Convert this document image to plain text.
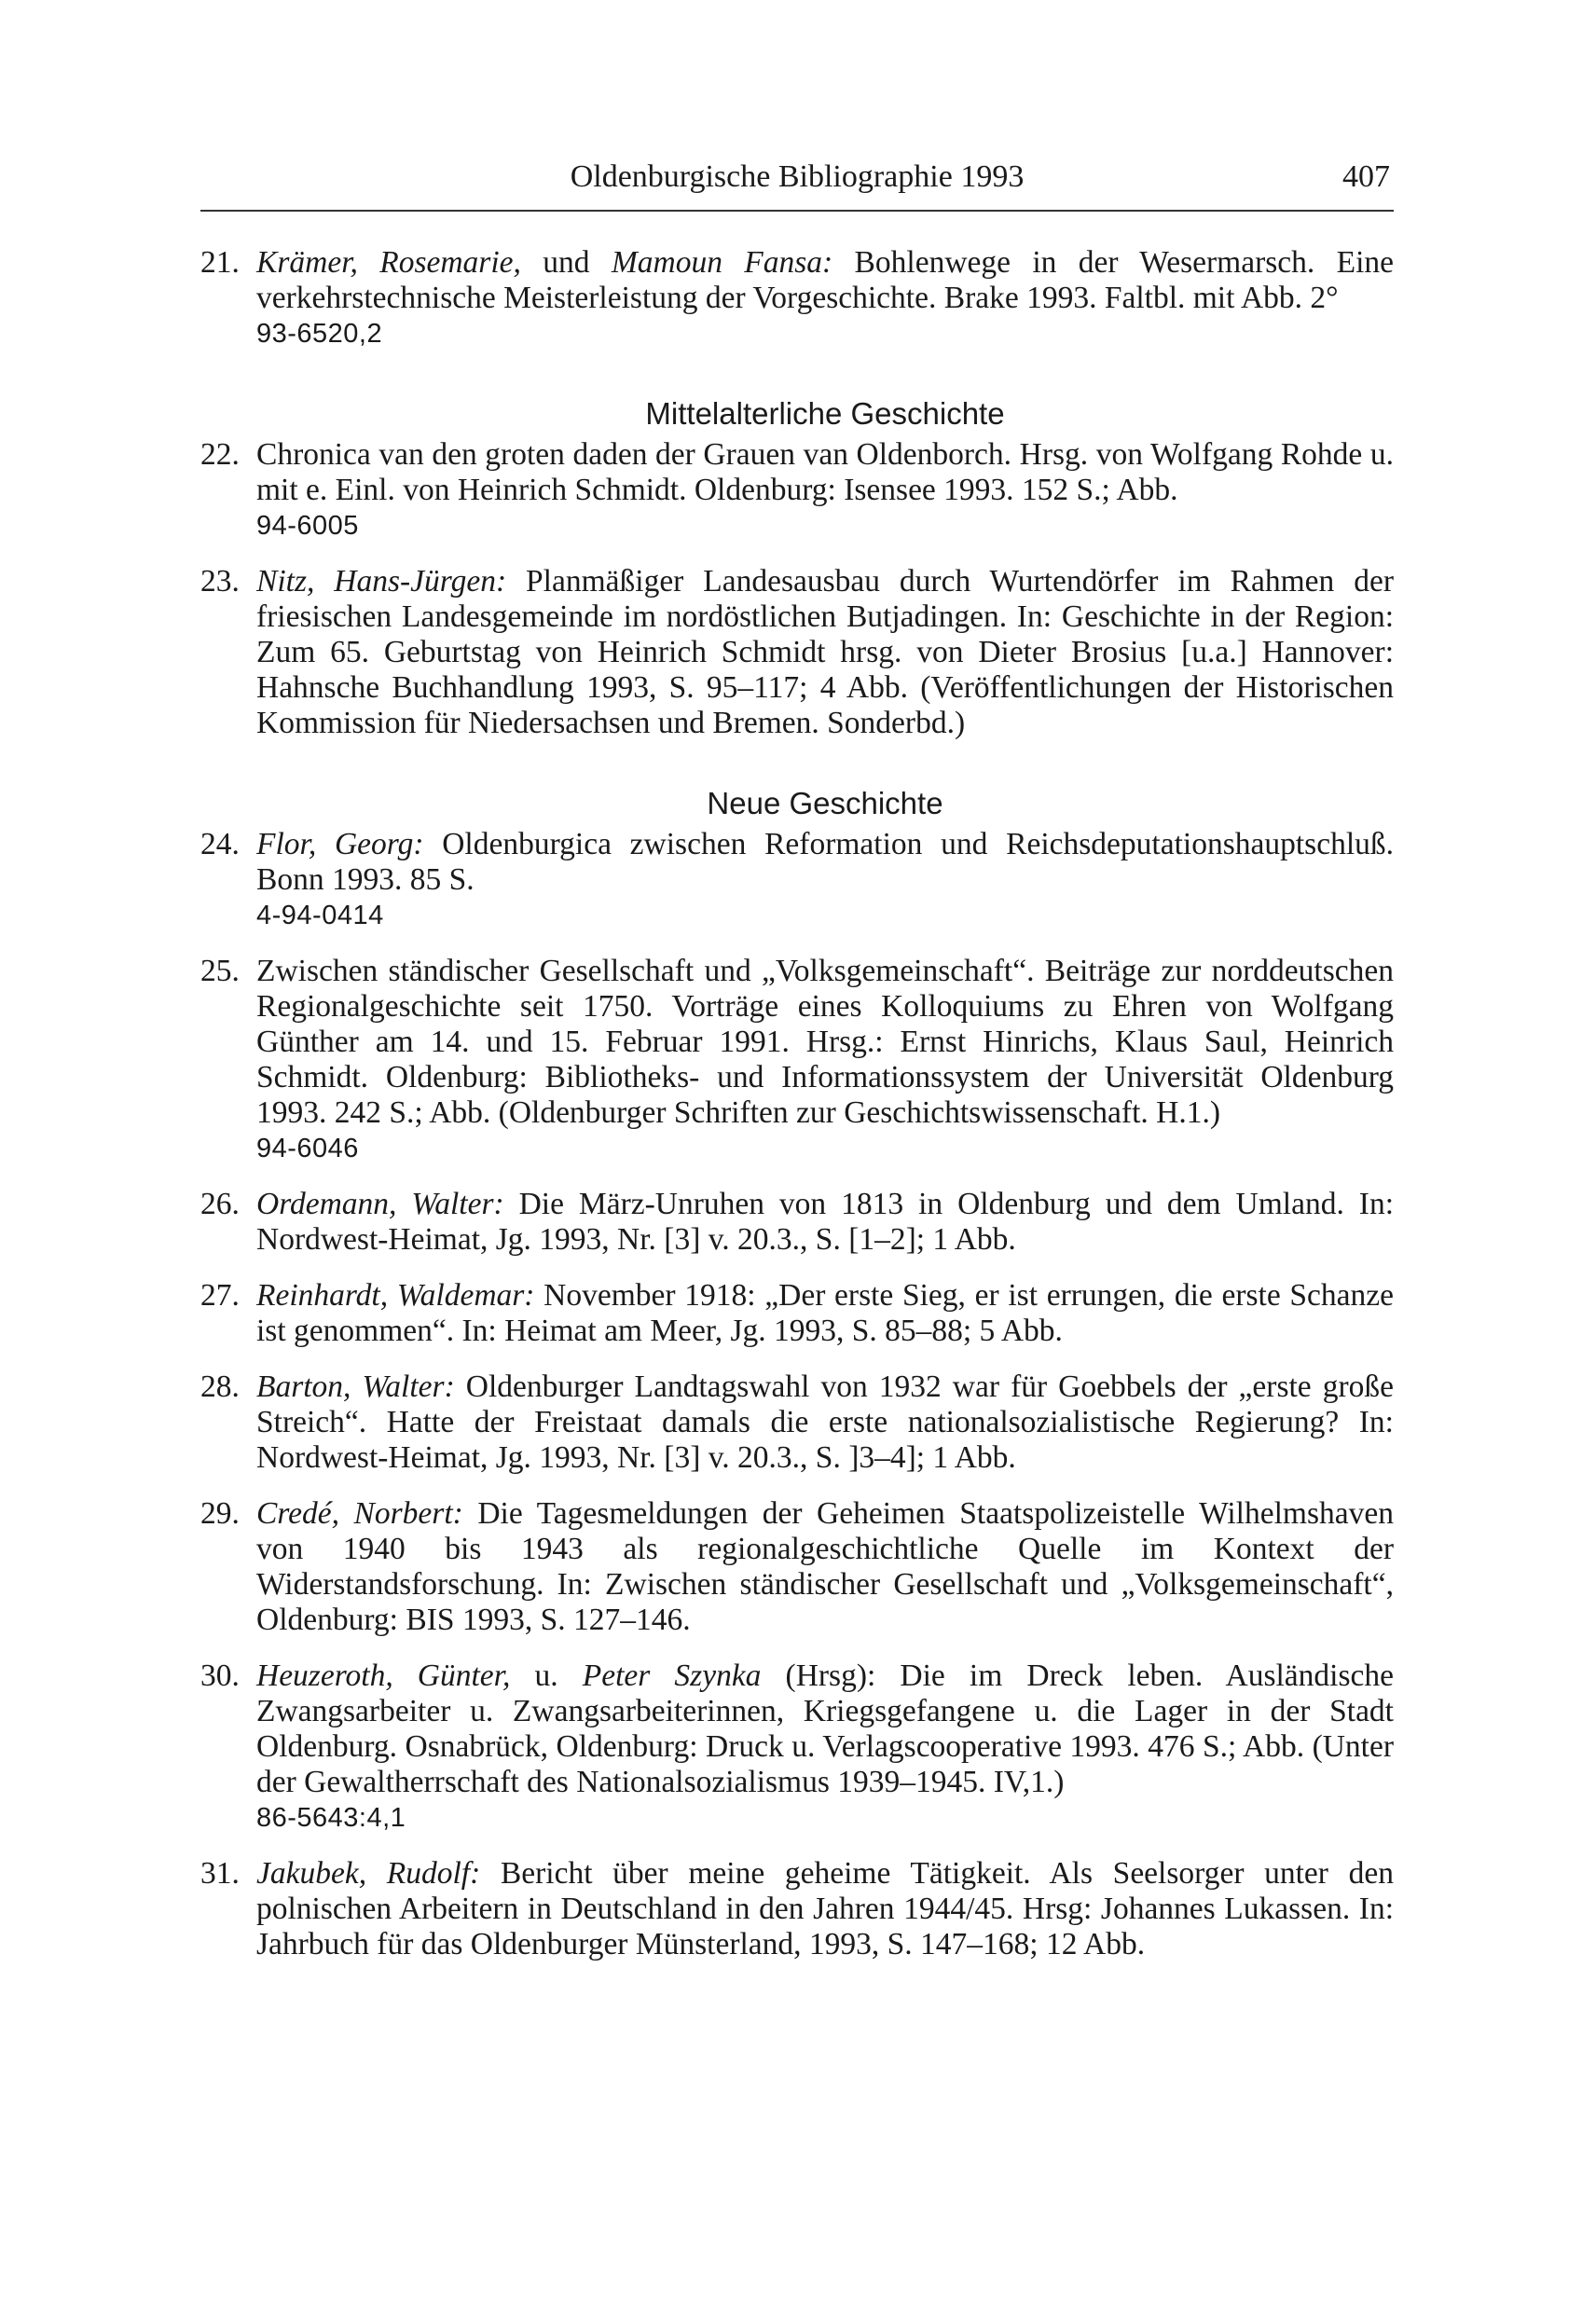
Oldenburgische Bibliographie 1993	407
21. Krämer, Rosemarie, und Mamoun Fansa: Bohlenwege in der Wesermarsch. Eine verkehrstechnische Meisterleistung der Vorgeschichte. Brake 1993. Faltbl. mit Abb. 2°
93-6520,2
Mittelalterliche Geschichte
22. Chronica van den groten daden der Grauen van Oldenborch. Hrsg. von Wolfgang Rohde u. mit e. Einl. von Heinrich Schmidt. Oldenburg: Isensee 1993. 152 S.; Abb.
94-6005
23. Nitz, Hans-Jürgen: Planmäßiger Landesausbau durch Wurtendörfer im Rahmen der friesischen Landesgemeinde im nordöstlichen Butjadingen. In: Geschichte in der Region: Zum 65. Geburtstag von Heinrich Schmidt hrsg. von Dieter Brosius [u.a.] Hannover: Hahnsche Buchhandlung 1993, S. 95–117; 4 Abb. (Veröffentlichungen der Historischen Kommission für Niedersachsen und Bremen. Sonderbd.)
Neue Geschichte
24. Flor, Georg: Oldenburgica zwischen Reformation und Reichsdeputationshauptschluß. Bonn 1993. 85 S.
4-94-0414
25. Zwischen ständischer Gesellschaft und „Volksgemeinschaft“. Beiträge zur norddeutschen Regionalgeschichte seit 1750. Vorträge eines Kolloquiums zu Ehren von Wolfgang Günther am 14. und 15. Februar 1991. Hrsg.: Ernst Hinrichs, Klaus Saul, Heinrich Schmidt. Oldenburg: Bibliotheks- und Informationssystem der Universität Oldenburg 1993. 242 S.; Abb. (Oldenburger Schriften zur Geschichtswissenschaft. H.1.)
94-6046
26. Ordemann, Walter: Die März-Unruhen von 1813 in Oldenburg und dem Umland. In: Nordwest-Heimat, Jg. 1993, Nr. [3] v. 20.3., S. [1–2]; 1 Abb.
27. Reinhardt, Waldemar: November 1918: „Der erste Sieg, er ist errungen, die erste Schanze ist genommen“. In: Heimat am Meer, Jg. 1993, S. 85–88; 5 Abb.
28. Barton, Walter: Oldenburger Landtagswahl von 1932 war für Goebbels der „erste große Streich“. Hatte der Freistaat damals die erste nationalsozialistische Regierung? In: Nordwest-Heimat, Jg. 1993, Nr. [3] v. 20.3., S. ]3–4]; 1 Abb.
29. Credé, Norbert: Die Tagesmeldungen der Geheimen Staatspolizeistelle Wilhelmshaven von 1940 bis 1943 als regionalgeschichtliche Quelle im Kontext der Widerstandsforschung. In: Zwischen ständischer Gesellschaft und „Volksgemeinschaft“, Oldenburg: BIS 1993, S. 127–146.
30. Heuzeroth, Günter, u. Peter Szynka (Hrsg): Die im Dreck leben. Ausländische Zwangsarbeiter u. Zwangsarbeiterinnen, Kriegsgefangene u. die Lager in der Stadt Oldenburg. Osnabrück, Oldenburg: Druck u. Verlagscooperative 1993. 476 S.; Abb. (Unter der Gewaltherrschaft des Nationalsozialismus 1939–1945. IV,1.)
86-5643:4,1
31. Jakubek, Rudolf: Bericht über meine geheime Tätigkeit. Als Seelsorger unter den polnischen Arbeitern in Deutschland in den Jahren 1944/45. Hrsg: Johannes Lukassen. In: Jahrbuch für das Oldenburger Münsterland, 1993, S. 147–168; 12 Abb.
